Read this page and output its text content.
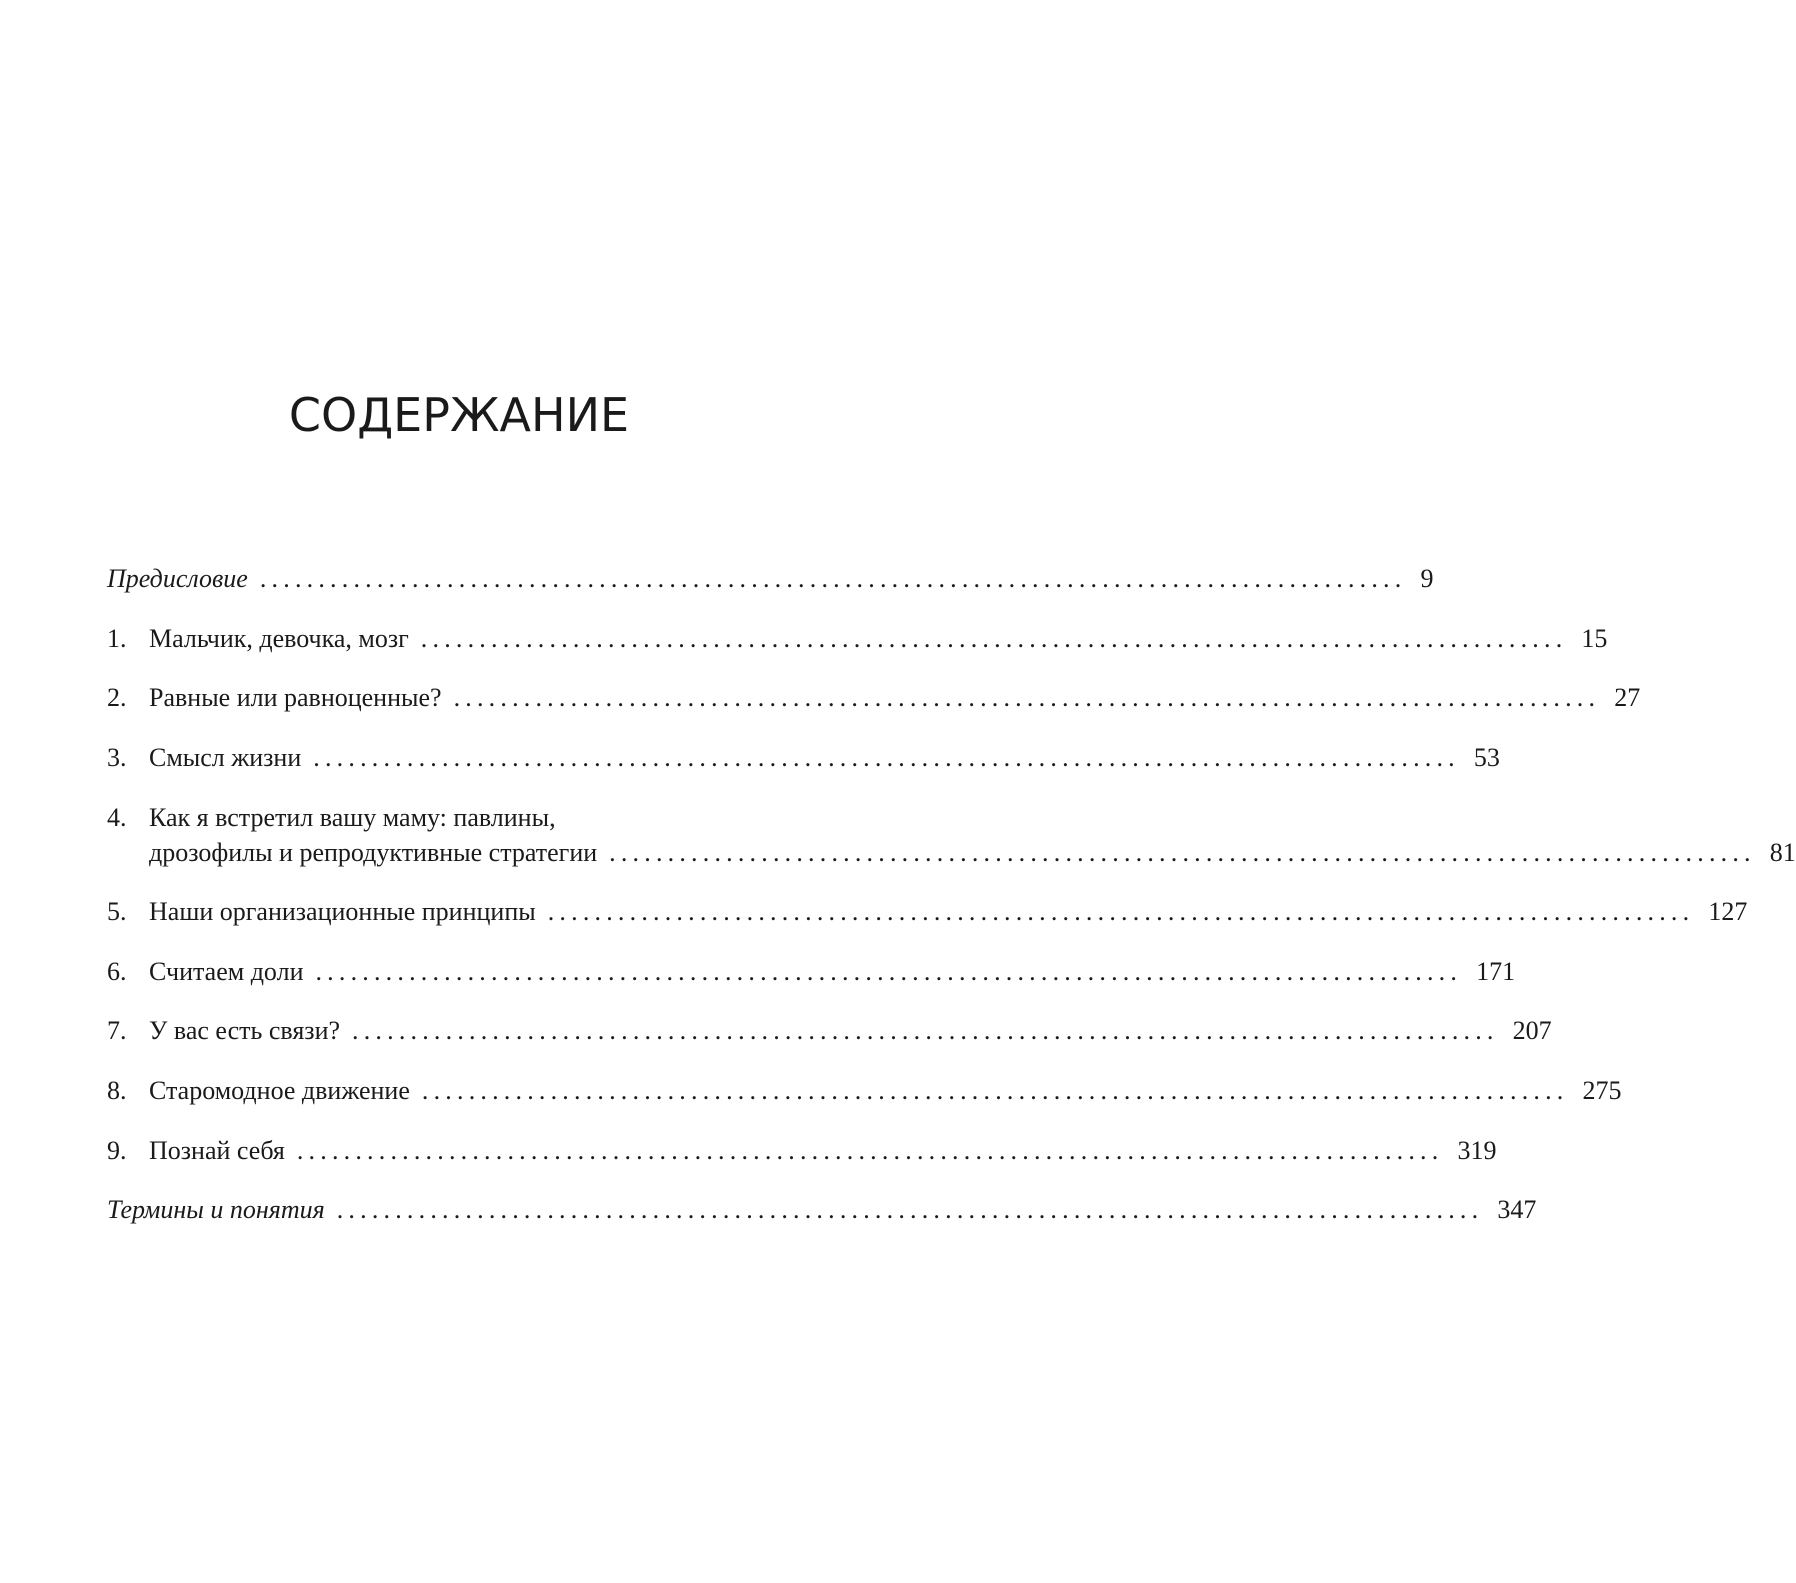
СОДЕРЖАНИЕ
Предисловие .................................................................................................. 9
1. Мальчик, девочка, мозг .................................................................................................. 15
2. Равные или равноценные? .................................................................................................. 27
3. Смысл жизни .................................................................................................. 53
4. Как я встретил вашу маму: павлины,
дрозофилы и репродуктивные стратегии .................................................................................................. 81
5. Наши организационные принципы .................................................................................................. 127
6. Считаем доли .................................................................................................. 171
7. У вас есть связи? .................................................................................................. 207
8. Старомодное движение .................................................................................................. 275
9. Познай себя .................................................................................................. 319
Термины и понятия .................................................................................................. 347
